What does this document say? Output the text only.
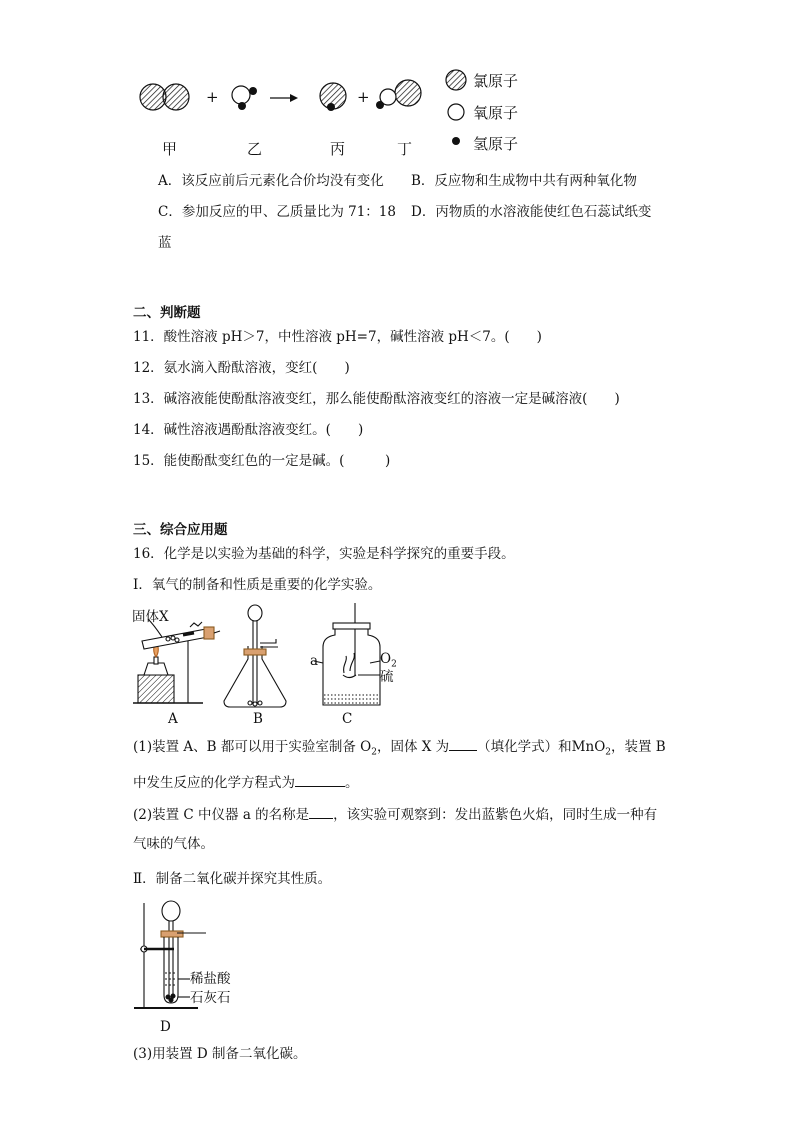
+	+
氯原子
氧原子
氢原子
甲	乙	丙	丁
A．该反应前后元素化合价均没有变化 B．反应物和生成物中共有两种氧化物
C．参加反应的甲、乙质量比为 71：18 D．丙物质的水溶液能使红色石蕊试纸变
蓝
二、判断题
11．酸性溶液 pH＞7，中性溶液 pH=7，碱性溶液 pH＜7。(　　)
12．氨水滴入酚酞溶液，变红(　　)
13．碱溶液能使酚酞溶液变红，那么能使酚酞溶液变红的溶液一定是碱溶液(　　)
14．碱性溶液遇酚酞溶液变红。(　　)
15．能使酚酞变红色的一定是碱。(　　　)
三、综合应用题
16．化学是以实验为基础的科学，实验是科学探究的重要手段。
Ⅰ．氧气的制备和性质是重要的化学实验。
固体X
a	$O_2$
硫
A	B	C
(1)装置 A、B 都可以用于实验室制备 $O_2$，固体 X 为 （填化学式）和MnO$_2$，装置 B
中发生反应的化学方程式为	。
(2)装置 C 中仪器 a 的名称是 ，该实验可观察到：发出蓝紫色火焰，同时生成一种有
气味的气体。
Ⅱ．制备二氧化碳并探究其性质。
稀盐酸
石灰石
D
(3)用装置 D 制备二氧化碳。
